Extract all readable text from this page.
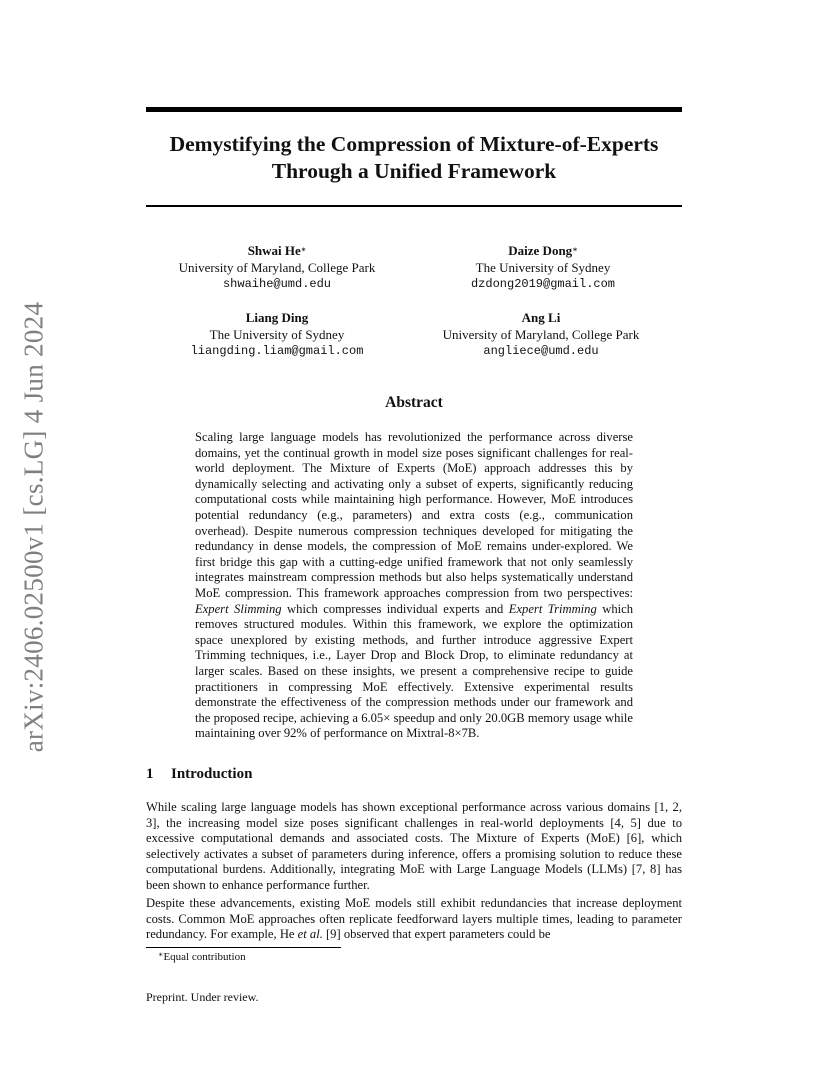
arXiv:2406.02500v1 [cs.LG] 4 Jun 2024
Demystifying the Compression of Mixture-of-Experts
Through a Unified Framework
Shwai He∗
University of Maryland, College Park
shwaihe@umd.edu
Daize Dong∗
The University of Sydney
dzdong2019@gmail.com
Liang Ding
The University of Sydney
liangding.liam@gmail.com
Ang Li
University of Maryland, College Park
angliece@umd.edu
Abstract
Scaling large language models has revolutionized the performance across diverse domains, yet the continual growth in model size poses significant challenges for real-world deployment. The Mixture of Experts (MoE) approach addresses this by dynamically selecting and activating only a subset of experts, significantly reducing computational costs while maintaining high performance. However, MoE introduces potential redundancy (e.g., parameters) and extra costs (e.g., communication overhead). Despite numerous compression techniques developed for mitigating the redundancy in dense models, the compression of MoE remains under-explored. We first bridge this gap with a cutting-edge unified framework that not only seamlessly integrates mainstream compression methods but also helps systematically understand MoE compression. This framework approaches compression from two perspectives: Expert Slimming which compresses individual experts and Expert Trimming which removes structured modules. Within this framework, we explore the optimization space unexplored by existing methods, and further introduce aggressive Expert Trimming techniques, i.e., Layer Drop and Block Drop, to eliminate redundancy at larger scales. Based on these insights, we present a comprehensive recipe to guide practitioners in compressing MoE effectively. Extensive experimental results demonstrate the effectiveness of the compression methods under our framework and the proposed recipe, achieving a 6.05× speedup and only 20.0GB memory usage while maintaining over 92% of performance on Mixtral-8×7B.
1 Introduction
While scaling large language models has shown exceptional performance across various domains [1, 2, 3], the increasing model size poses significant challenges in real-world deployments [4, 5] due to excessive computational demands and associated costs. The Mixture of Experts (MoE) [6], which selectively activates a subset of parameters during inference, offers a promising solution to reduce these computational burdens. Additionally, integrating MoE with Large Language Models (LLMs) [7, 8] has been shown to enhance performance further.
Despite these advancements, existing MoE models still exhibit redundancies that increase deployment costs. Common MoE approaches often replicate feedforward layers multiple times, leading to parameter redundancy. For example, He et al. [9] observed that expert parameters could be
∗Equal contribution
Preprint. Under review.
